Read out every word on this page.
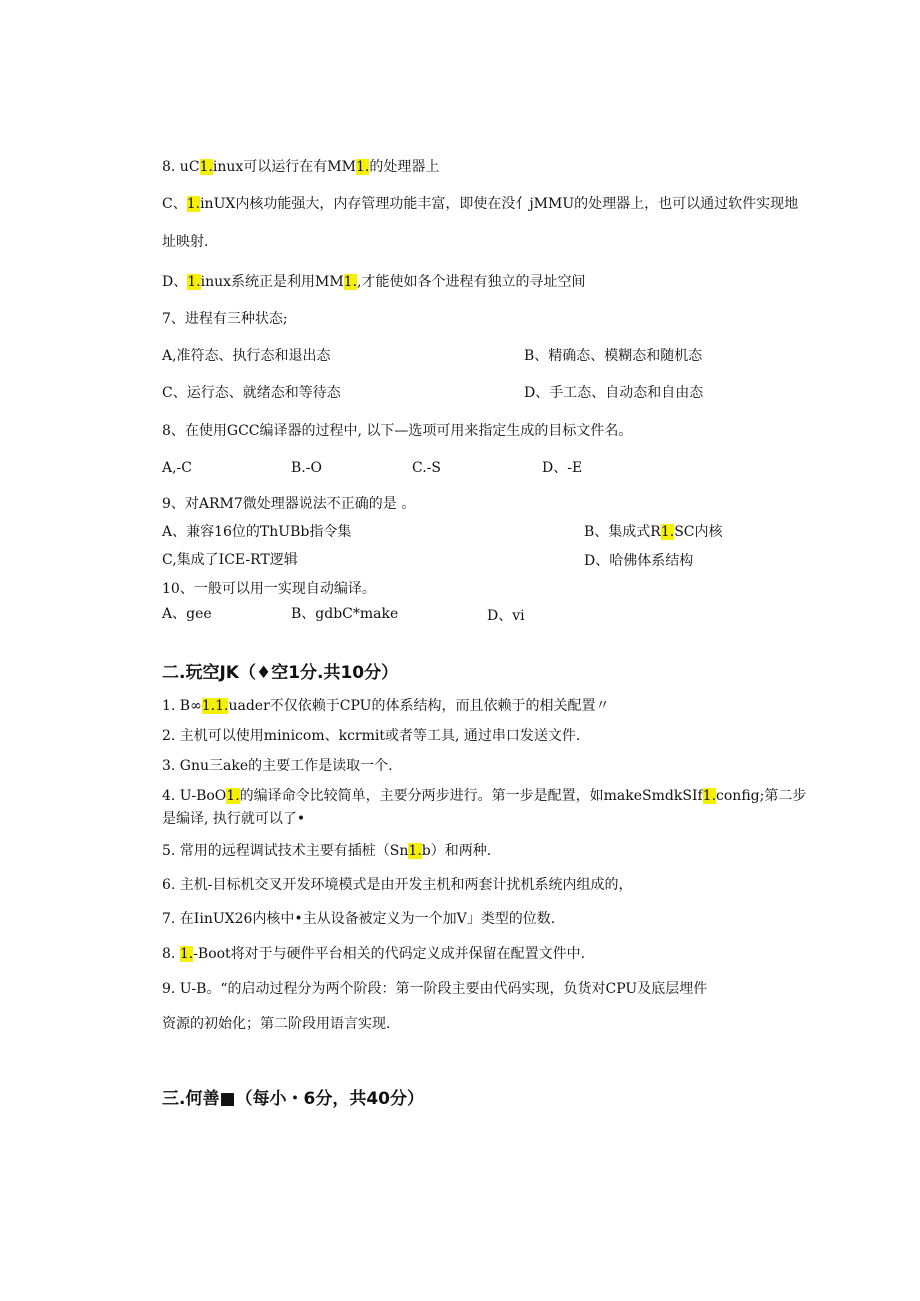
8. uC1.inux可以运行在有MM1.的处理器上
C、1.inUX内核功能强大，内存管理功能丰富，即使在没亻jMMU的处理器上，也可以通过软件实现地
址映射.
D、1.inux系统正是利用MM1.,才能使如各个进程有独立的寻址空间
7、进程有三种状态;
A,准符态、执行态和退出态	B、精确态、模糊态和随机态
C、运行态、就绪态和等待态	D、手工态、自动态和自由态
8、在使用GCC编译器的过程中, 以下—选项可用来指定生成的目标文件名。
A,-C	B.-O	C.-S	D、-E
9、对ARM7微处理器说法不正确的是 。
A、兼容16位的ThUBb指令集	B、集成式R1.SC内核
C,集成了ICE-RT逻辑	D、哈佛体系结构
10、一般可以用一实现自动编译。
A、gee	B、gdbC*make	D、vi
二.玩空JK（♦空1分.共10分）
1. B∞1.1.uader不仅依赖于CPU的体系结构，而且依赖于的相关配置〃
2. 主机可以使用minicom、kcrmit或者等工具, 通过串口发送文件.
3. Gnu三ake的主要工作是读取一个.
4. U-BoO1.的编译命令比较简单，主要分两步进行。第一步是配置，如makeSmdkSIf1.config;第二步
是编译, 执行就可以了•
5. 常用的远程调试技术主要有插桩（Sn1.b）和两种.
6. 主机-目标机交叉开发环境模式是由开发主机和两套计扰机系统内组成的，
7. 在IinUX26内核中•主从设备被定义为一个加V」类型的位数.
8. 1.-Boot将对于与硬件平台相关的代码定义成并保留在配置文件中.
9. U-B。“的启动过程分为两个阶段：第一阶段主要由代码实现，负货对CPU及底层埋件
资源的初始化；第二阶段用语言实现.
三.何善■（每小・6分，共40分）
